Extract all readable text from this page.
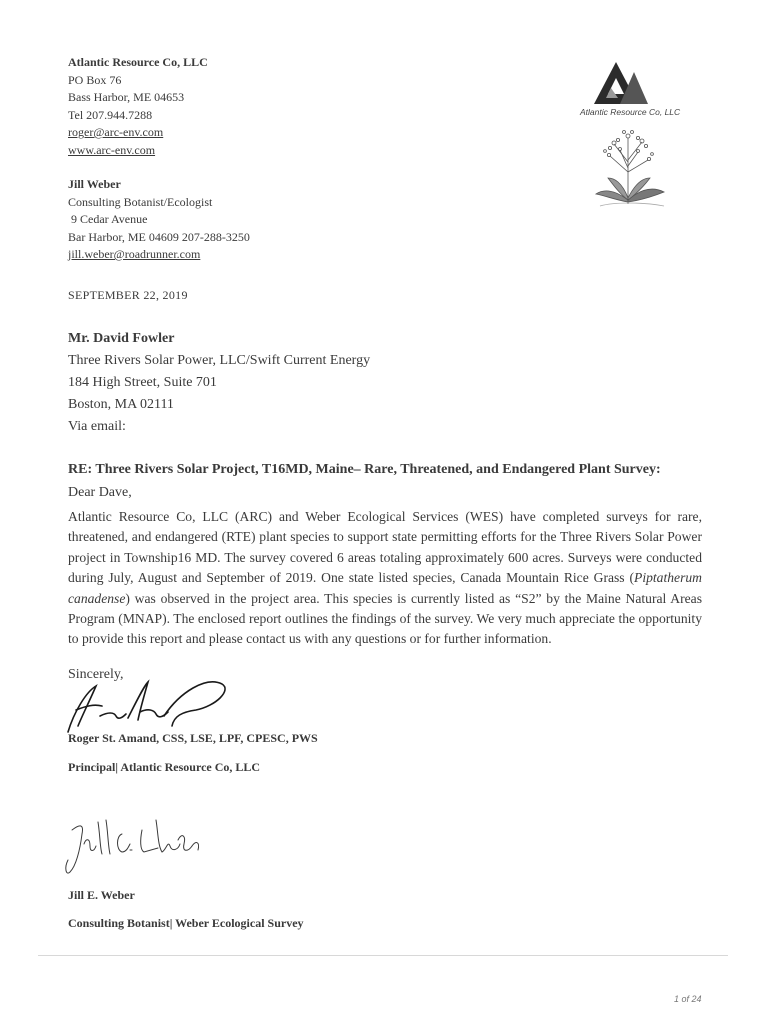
Atlantic Resource Co, LLC
PO Box 76
Bass Harbor, ME 04653
Tel 207.944.7288
roger@arc-env.com
www.arc-env.com
Atlantic Resource Co, LLC
Jill Weber
Consulting Botanist/Ecologist
9 Cedar Avenue
Bar Harbor, ME 04609 207-288-3250
jill.weber@roadrunner.com
SEPTEMBER 22, 2019
Mr. David Fowler
Three Rivers Solar Power, LLC/Swift Current Energy
184 High Street, Suite 701
Boston, MA 02111
Via email:
RE: Three Rivers Solar Project, T16MD, Maine– Rare, Threatened, and Endangered Plant Survey:
Dear Dave,
Atlantic Resource Co, LLC (ARC) and Weber Ecological Services (WES) have completed surveys for rare, threatened, and endangered (RTE) plant species to support state permitting efforts for the Three Rivers Solar Power project in Township16 MD. The survey covered 6 areas totaling approximately 600 acres. Surveys were conducted during July, August and September of 2019. One state listed species, Canada Mountain Rice Grass (Piptatherum canadense) was observed in the project area. This species is currently listed as “S2” by the Maine Natural Areas Program (MNAP). The enclosed report outlines the findings of the survey. We very much appreciate the opportunity to provide this report and please contact us with any questions or for further information.
Sincerely,
Roger St. Amand, CSS, LSE, LPF, CPESC, PWS
Principal| Atlantic Resource Co, LLC
Jill E. Weber
Consulting Botanist| Weber Ecological Survey
1 of 24
